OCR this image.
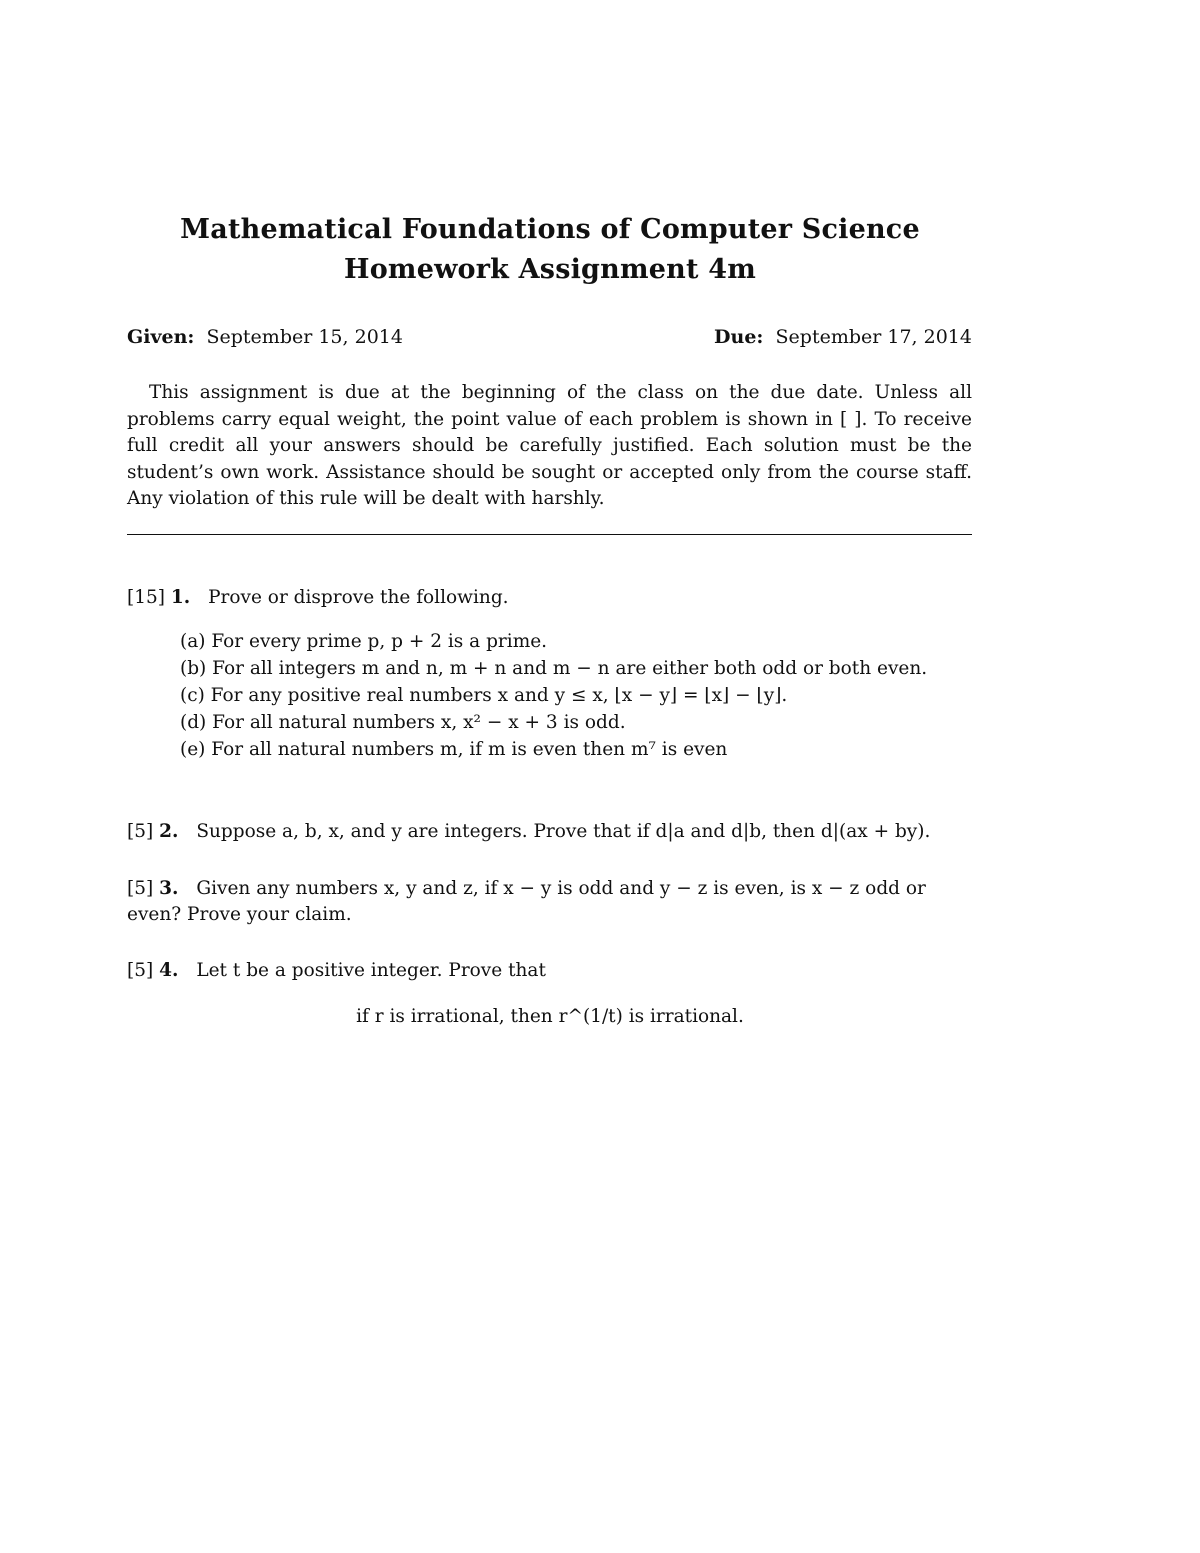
Mathematical Foundations of Computer Science
Homework Assignment 4m
Given: September 15, 2014	Due: September 17, 2014

This assignment is due at the beginning of the class on the due date. Unless all problems carry equal weight, the point value of each problem is shown in [ ]. To receive full credit all your answers should be carefully justified. Each solution must be the student’s own work. Assistance should be sought or accepted only from the course staff. Any violation of this rule will be dealt with harshly.

[15] 1. Prove or disprove the following.

(a) For every prime p, p + 2 is a prime.
(b) For all integers m and n, m + n and m − n are either both odd or both even.
(c) For any positive real numbers x and y ≤ x, ⌊x − y⌋ = ⌊x⌋ − ⌊y⌋.
(d) For all natural numbers x, x² − x + 3 is odd.
(e) For all natural numbers m, if m is even then m⁷ is even

[5] 2. Suppose a, b, x, and y are integers. Prove that if d|a and d|b, then d|(ax + by).

[5] 3. Given any numbers x, y and z, if x − y is odd and y − z is even, is x − z odd or even? Prove your claim.

[5] 4. Let t be a positive integer. Prove that

if r is irrational, then r^(1/t) is irrational.
